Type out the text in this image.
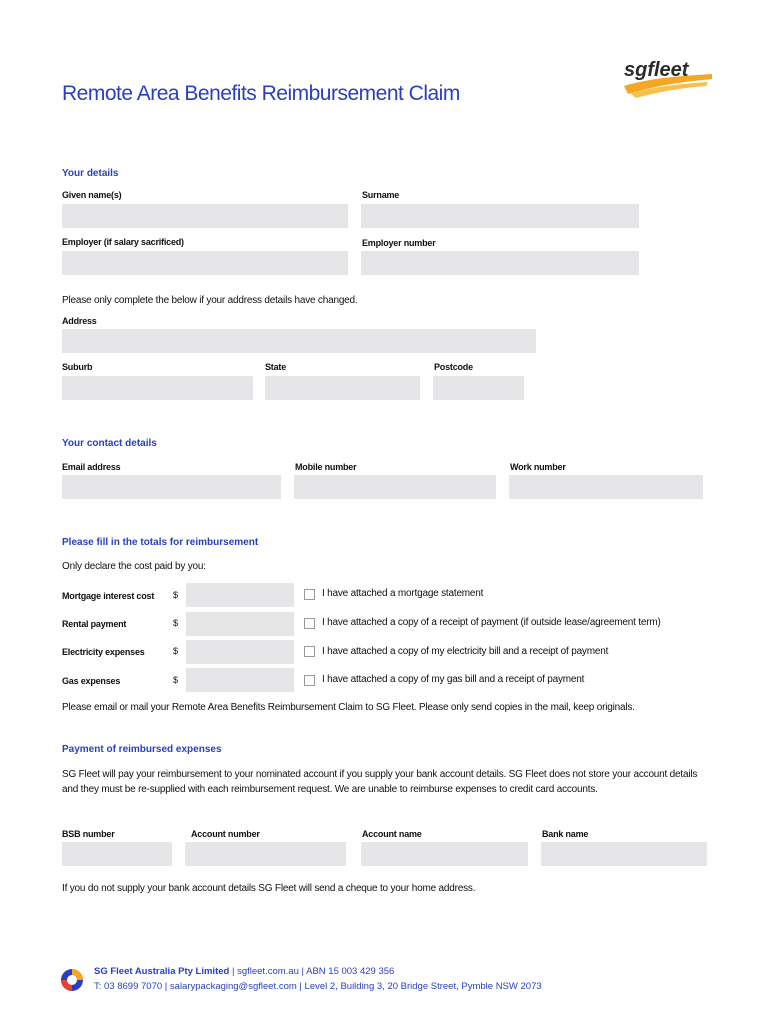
Remote Area Benefits Reimbursement Claim
sgfleet
Your details
Given name(s)	Surname
Employer (if salary sacrificed)	Employer number
Please only complete the below if your address details have changed.
Address
Suburb	State	Postcode
Your contact details
Email address	Mobile number	Work number
Please fill in the totals for reimbursement
Only declare the cost paid by you:
Mortgage interest cost $	I have attached a mortgage statement
Rental payment	$	I have attached a copy of a receipt of payment (if outside lease/agreement term)
Electricity expenses	$	I have attached a copy of my electricity bill and a receipt of payment
Gas expenses	$	I have attached a copy of my gas bill and a receipt of payment
Please email or mail your Remote Area Benefits Reimbursement Claim to SG Fleet. Please only send copies in the mail, keep originals.
Payment of reimbursed expenses
SG Fleet will pay your reimbursement to your nominated account if you supply your bank account details. SG Fleet does not store your account details and they must be re-supplied with each reimbursement request. We are unable to reimburse expenses to credit card accounts.
BSB number	Account number	Account name	Bank name
If you do not supply your bank account details SG Fleet will send a cheque to your home address.
SG Fleet Australia Pty Limited | sgfleet.com.au | ABN 15 003 429 356
T: 03 8699 7070 | salarypackaging@sgfleet.com | Level 2, Building 3, 20 Bridge Street, Pymble NSW 2073
